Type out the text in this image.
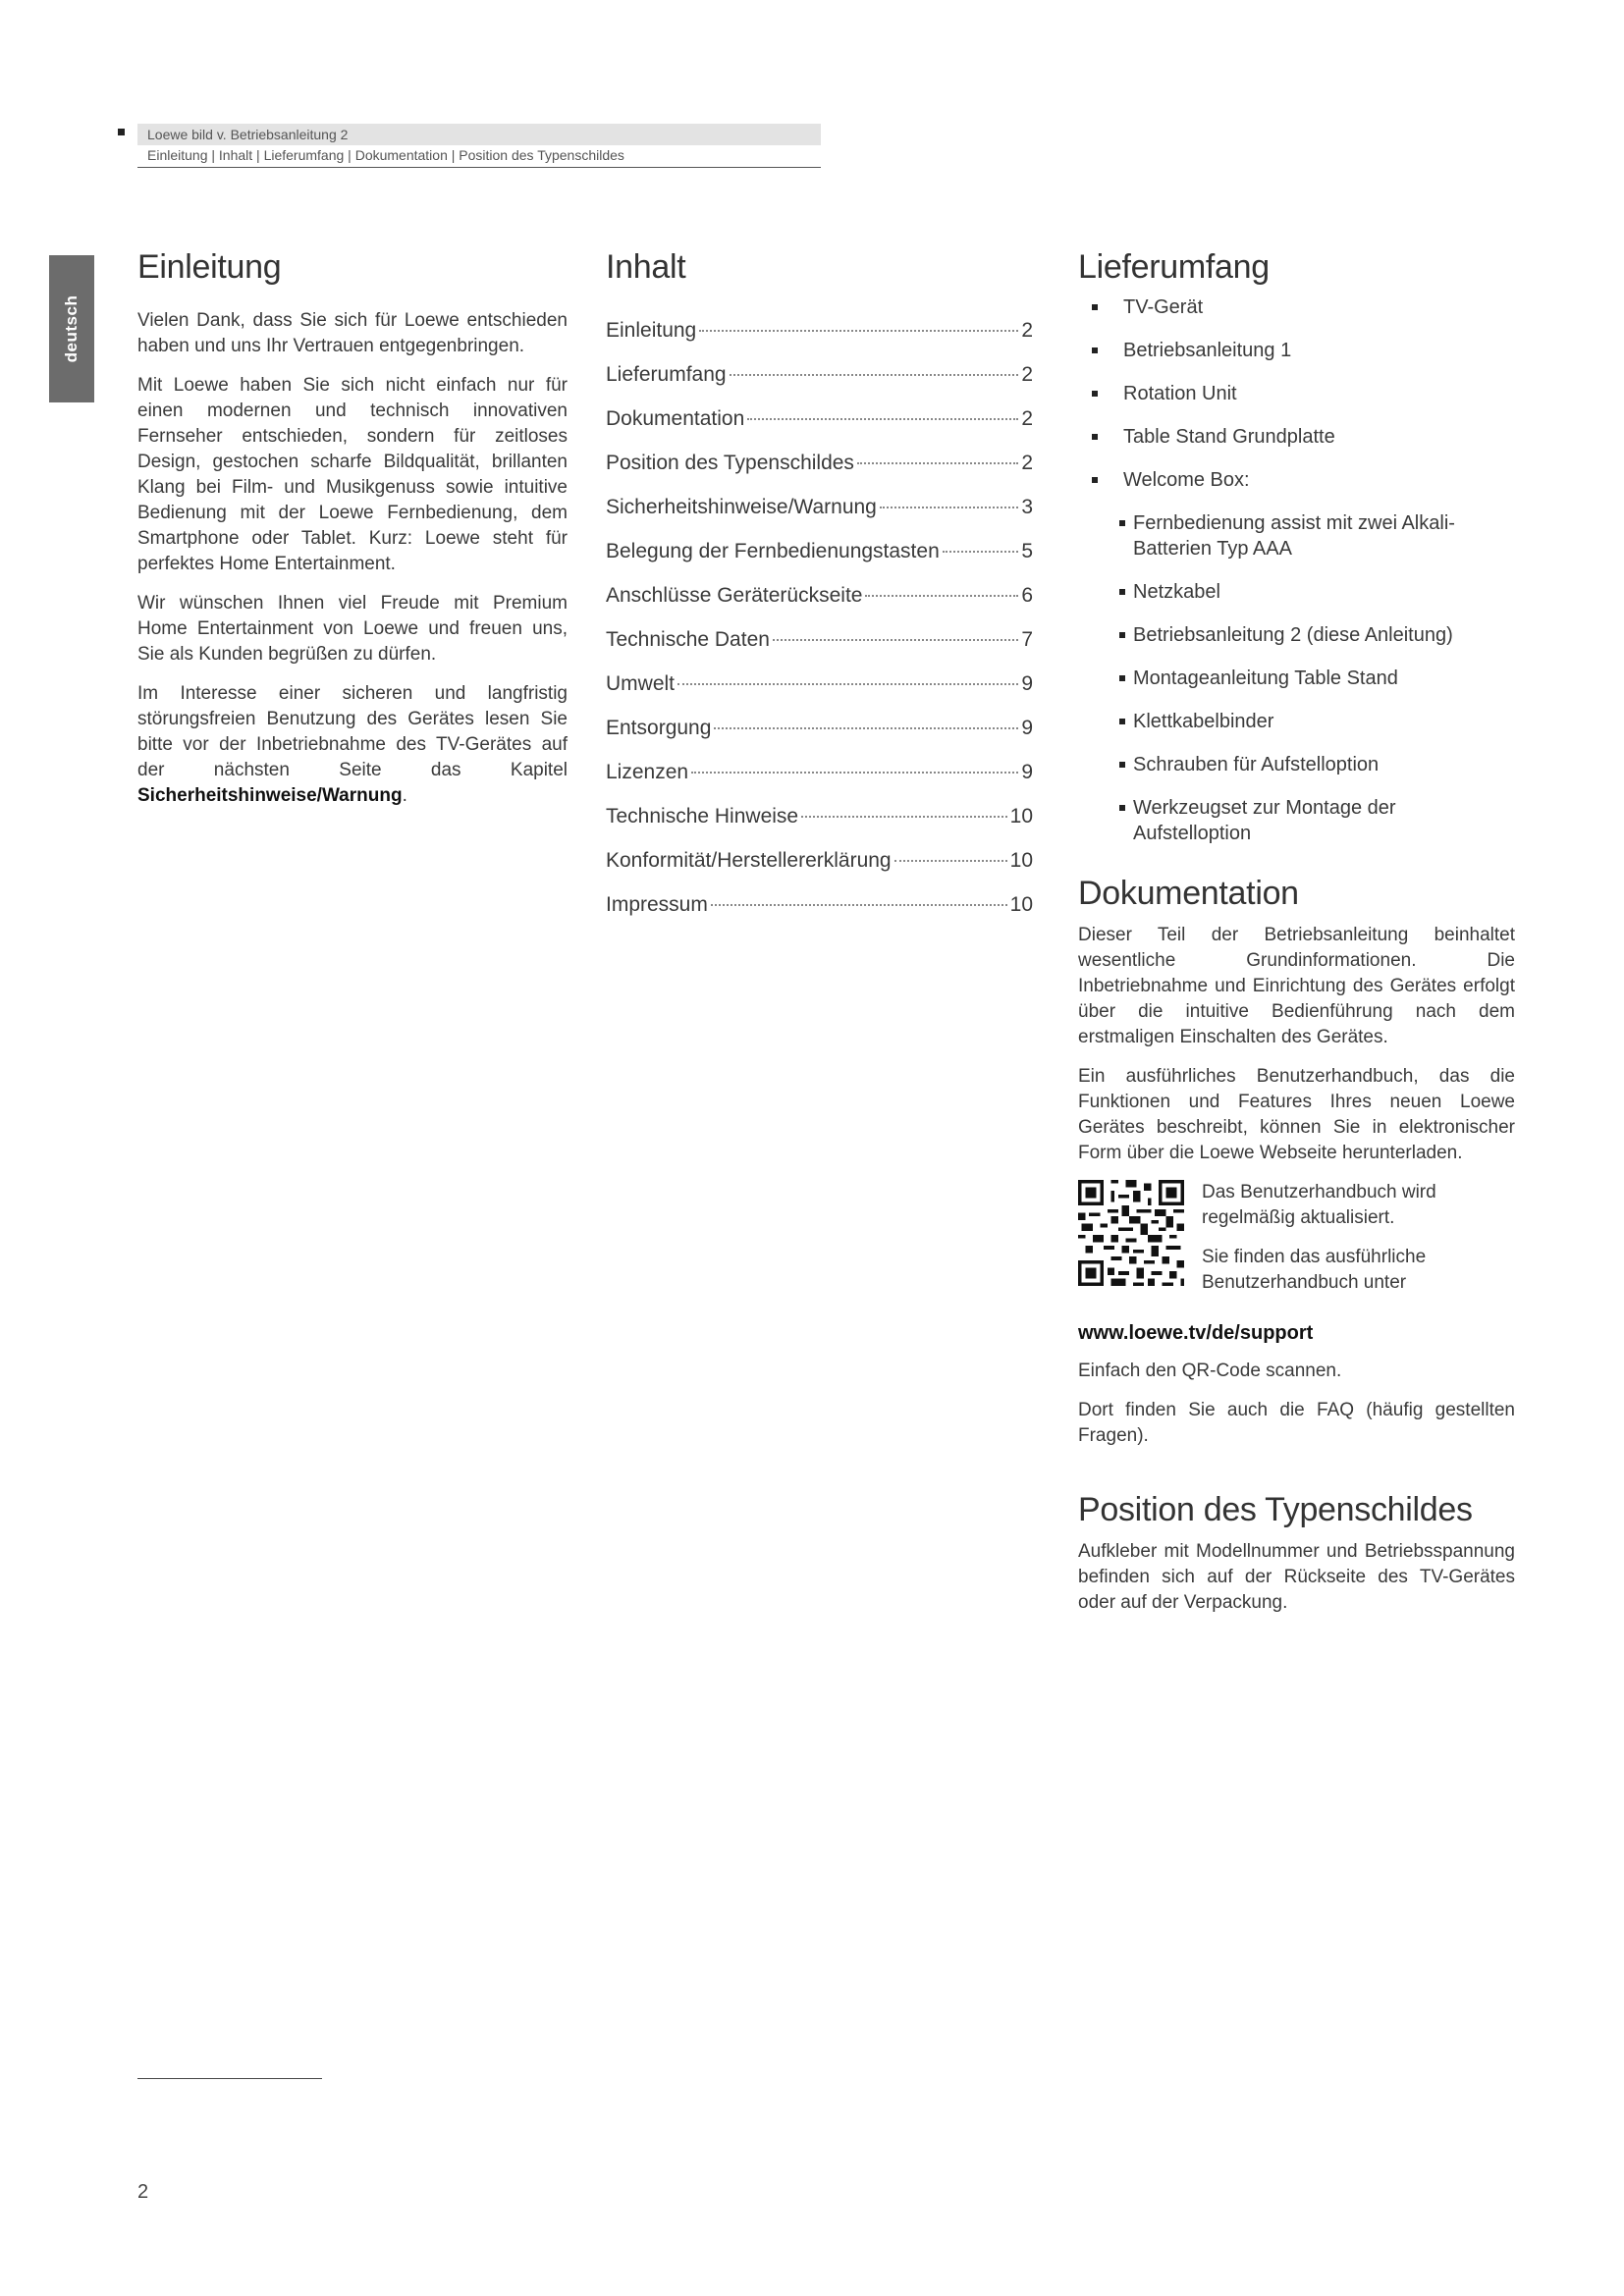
Loewe bild v. Betriebsanleitung 2
Einleitung | Inhalt | Lieferumfang | Dokumentation | Position des Typenschildes
deutsch
Einleitung

Vielen Dank, dass Sie sich für Loewe entschieden haben und uns Ihr Vertrauen entgegenbringen.

Mit Loewe haben Sie sich nicht einfach nur für einen modernen und technisch innovativen Fernseher entschieden, sondern für zeitloses Design, gestochen scharfe Bildqualität, brillanten Klang bei Film- und Musikgenuss sowie intuitive Bedienung mit der Loewe Fernbedienung, dem Smartphone oder Tablet. Kurz: Loewe steht für perfektes Home Entertainment.

Wir wünschen Ihnen viel Freude mit Premium Home Entertainment von Loewe und freuen uns, Sie als Kunden begrüßen zu dürfen.

Im Interesse einer sicheren und langfristig störungsfreien Benutzung des Gerätes lesen Sie bitte vor der Inbetriebnahme des TV-Gerätes auf der nächsten Seite das Kapitel Sicherheitshinweise/Warnung.

Inhalt
Einleitung	2
Lieferumfang	2
Dokumentation	2
Position des Typenschildes	2
Sicherheitshinweise/Warnung	3
Belegung der Fernbedienungstasten	5
Anschlüsse Geräterückseite	6
Technische Daten	7
Umwelt	9
Entsorgung	9
Lizenzen	9
Technische Hinweise	10
Konformität/Herstellererklärung	10
Impressum	10
Lieferumfang
TV-Gerät
Betriebsanleitung 1
Rotation Unit
Table Stand Grundplatte
Welcome Box:
Fernbedienung assist mit zwei Alkali-Batterien Typ AAA
Netzkabel
Betriebsanleitung 2 (diese Anleitung)
Montageanleitung Table Stand
Klettkabelbinder
Schrauben für Aufstelloption
Werkzeugset zur Montage der Aufstelloption
Dokumentation

Dieser Teil der Betriebsanleitung beinhaltet wesentliche Grundinformationen. Die Inbetriebnahme und Einrichtung des Gerätes erfolgt über die intuitive Bedienführung nach dem erstmaligen Einschalten des Gerätes.

Ein ausführliches Benutzerhandbuch, das die Funktionen und Features Ihres neuen Loewe Gerätes beschreibt, können Sie in elektronischer Form über die Loewe Webseite herunterladen.

Das Benutzerhandbuch wird regelmäßig aktualisiert.

Sie finden das ausführliche Benutzerhandbuch unter

www.loewe.tv/de/support

Einfach den QR-Code scannen.

Dort finden Sie auch die FAQ (häufig gestellten Fragen).

Position des Typenschildes

Aufkleber mit Modellnummer und Betriebsspannung befinden sich auf der Rückseite des TV-Gerätes oder auf der Verpackung.

2
